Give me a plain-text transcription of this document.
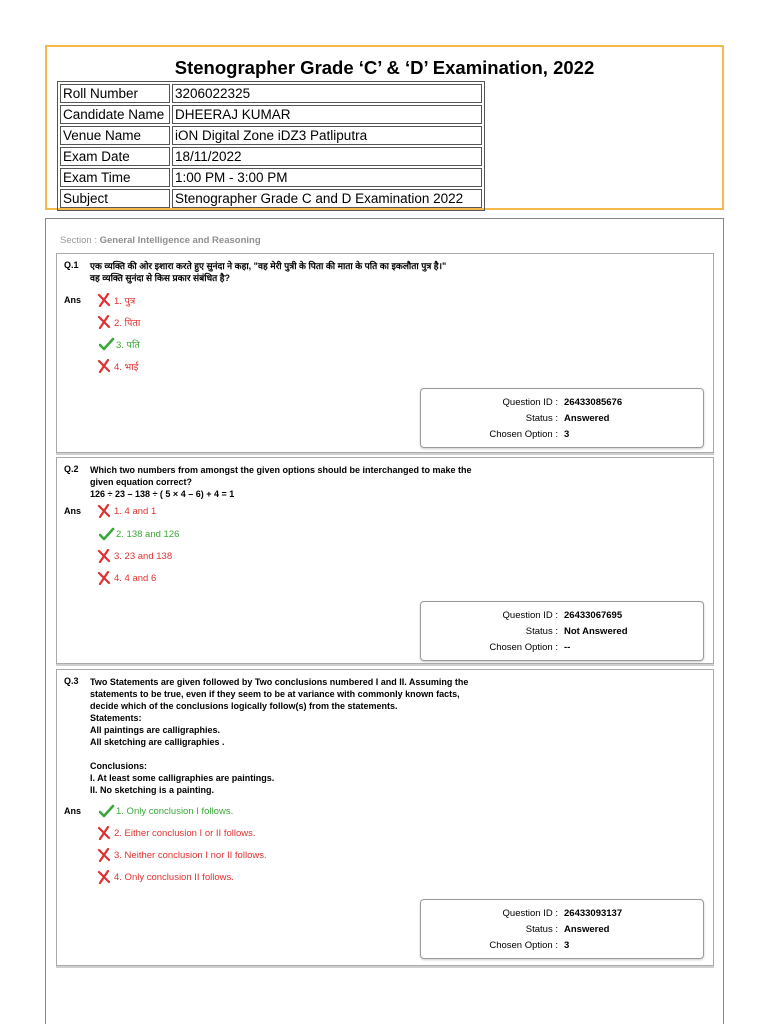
Stenographer Grade ‘C’ & ‘D’ Examination, 2022
Roll Number	3206022325
Candidate Name	DHEERAJ KUMAR
Venue Name	iON Digital Zone iDZ3 Patliputra
Exam Date	18/11/2022
Exam Time	1:00 PM - 3:00 PM
Subject	Stenographer Grade C and D Examination 2022
Section : General Intelligence and Reasoning
Q.1 एक व्यक्ति की ओर इशारा करते हुए सुनंदा ने कहा, "वह मेरी पुत्री के पिता की माता के पति का इकलौता पुत्र है।"
वह व्यक्ति सुनंदा से किस प्रकार संबंधित है?
Ans	1. पुत्र
2. पिता
3. पति
4. भाई
Question ID : 26433085676
Status : Answered
Chosen Option : 3
Q.2 Which two numbers from amongst the given options should be interchanged to make the
given equation correct?
126 ÷ 23 – 138 ÷ ( 5 × 4 – 6) + 4 = 1
Ans	1. 4 and 1
2. 138 and 126
3. 23 and 138
4. 4 and 6
Question ID : 26433067695
Status : Not Answered
Chosen Option : --
Q.3 Two Statements are given followed by Two conclusions numbered I and II. Assuming the
statements to be true, even if they seem to be at variance with commonly known facts,
decide which of the conclusions logically follow(s) from the statements.
Statements:
All paintings are calligraphies.
All sketching are calligraphies .

Conclusions:
I. At least some calligraphies are paintings.
II. No sketching is a painting.
Ans	1. Only conclusion I follows.
2. Either conclusion I or II follows.
3. Neither conclusion I nor II follows.
4. Only conclusion II follows.
Question ID : 26433093137
Status : Answered
Chosen Option : 3
